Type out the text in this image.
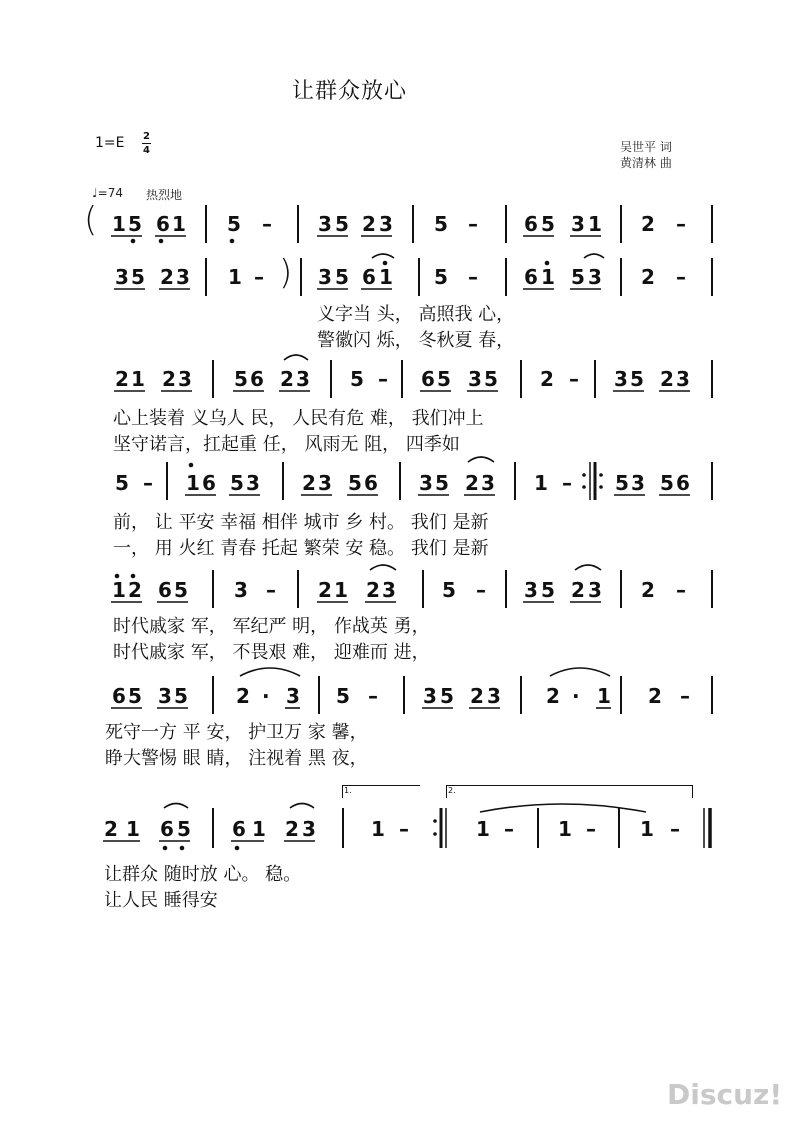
让群众放心
1=E 2
4	吴世平 词
黄清林 曲
♩=74 热烈地
( 1 5 6 1 5 – 3 5 2 3 5 – 6 5 3 1 2 –
)
3 5 2 3 1 –	3 5 6 1 5 – 6 1 5 3 2 –
义字当 头， 高照我 心，
警徽闪 烁， 冬秋夏 春，
2 1 2 3 5 6 2 3 5 – 6 5 3 5 2 – 3 5 2 3
心上装着 义乌人 民， 人民有危 难， 我们冲上
坚守诺言，扛起重 任， 风雨无 阻， 四季如
5 – 1 6 5 3 2 3 5 6 3 5 2 3 1 – 5 3 5 6
前， 让 平安 幸福 相伴 城市 乡 村。 我们 是新
一， 用 火红 青春 托起 繁荣 安 稳。 我们 是新
1 2 6 5 3 – 2 1 2 3 5 – 3 5 2 3 2 –
时代戚家 军， 军纪严 明， 作战英 勇，
时代戚家 军， 不畏艰 难， 迎难而 进，
6 5 3 5 2 · 3 5 – 3 5 2 3 2 · 1 2 –
死守一方 平 安， 护卫万 家 馨，
睁大警惕 眼 睛， 注视着 黑 夜，
1.	2.
2 1 6 5 6 1 2 3	1 –	1 – 1 – 1 –
让群众 随时放 心。 稳。
让人民 睡得安
Discuz!
